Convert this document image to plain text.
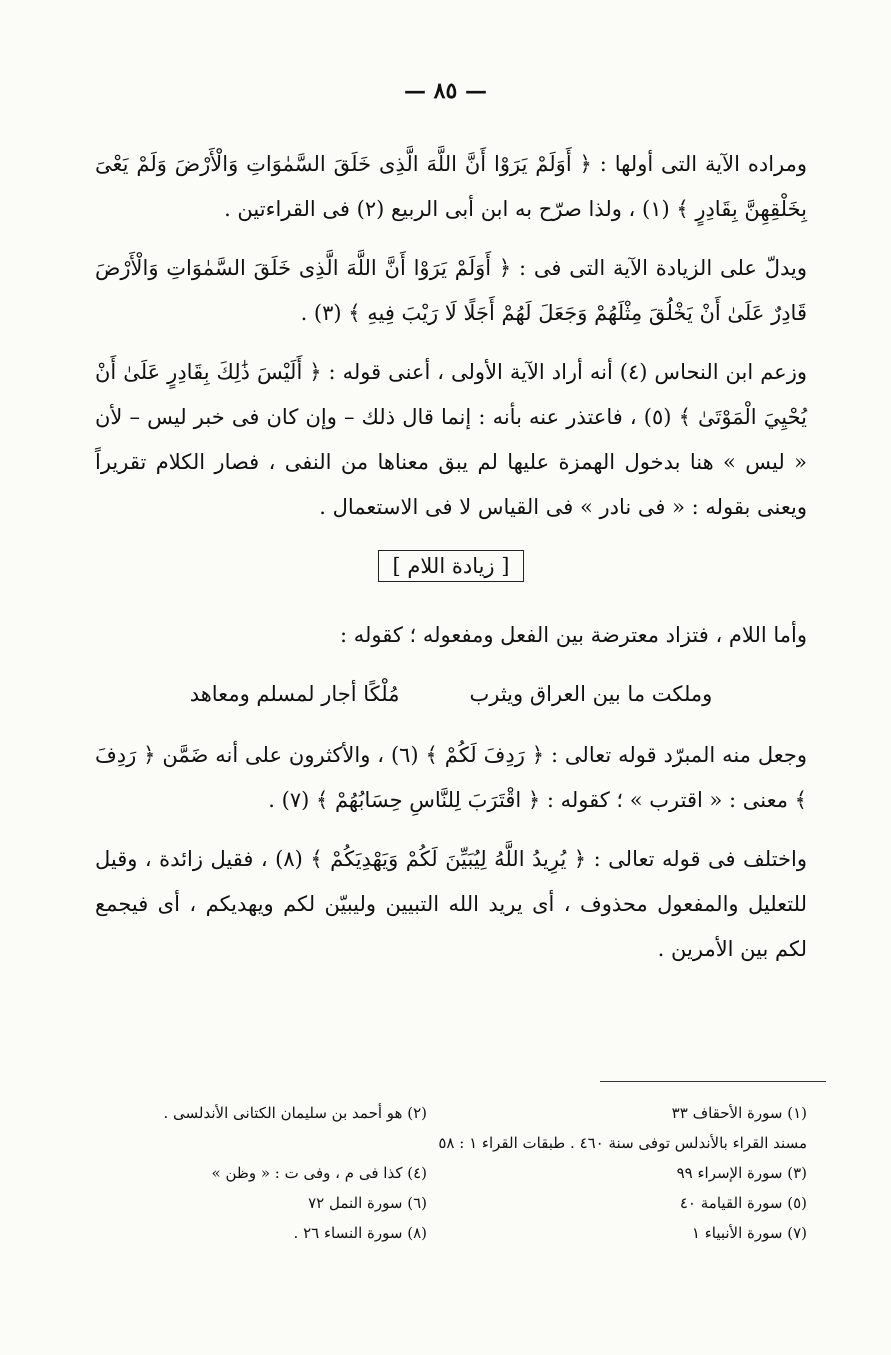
— ٨٥ —

ومراده الآية التى أولها : ﴿ أَوَلَمْ يَرَوْا أَنَّ اللَّهَ الَّذِى خَلَقَ السَّمٰوَاتِ وَالْأَرْضَ وَلَمْ يَعْىَ بِخَلْقِهِنَّ بِقَادِرٍ ﴾ (١) ، ولذا صرّح به ابن أبى الربيع (٢) فى القراءتين .

ويدلّ على الزيادة الآية التى فى : ﴿ أَوَلَمْ يَرَوْا أَنَّ اللَّهَ الَّذِى خَلَقَ السَّمٰوَاتِ وَالْأَرْضَ قَادِرٌ عَلَىٰ أَنْ يَخْلُقَ مِثْلَهُمْ وَجَعَلَ لَهُمْ أَجَلًا لَا رَيْبَ فِيهِ ﴾ (٣) .

وزعم ابن النحاس (٤) أنه أراد الآية الأولى ، أعنى قوله : ﴿ أَلَيْسَ ذَٰلِكَ بِقَادِرٍ عَلَىٰ أَنْ يُحْيِيَ الْمَوْتَىٰ ﴾ (٥) ، فاعتذر عنه بأنه : إنما قال ذلك – وإن كان فى خبر ليس – لأن « ليس » هنا بدخول الهمزة عليها لم يبق معناها من النفى ، فصار الكلام تقريراً ويعنى بقوله : « فى نادر » فى القياس لا فى الاستعمال .

[ زيادة اللام ]

وأما اللام ، فتزاد معترضة بين الفعل ومفعوله ؛ كقوله :

وملكت ما بين العراق ويثرب
مُلْكًا أجار لمسلم ومعاهد

وجعل منه المبرّد قوله تعالى : ﴿ رَدِفَ لَكُمْ ﴾ (٦) ، والأكثرون على أنه ضَمَّن ﴿ رَدِفَ ﴾ معنى : « اقترب » ؛ كقوله : ﴿ اقْتَرَبَ لِلنَّاسِ حِسَابُهُمْ ﴾ (٧) .

واختلف فى قوله تعالى : ﴿ يُرِيدُ اللَّهُ لِيُبَيِّنَ لَكُمْ وَيَهْدِيَكُمْ ﴾ (٨) ، فقيل زائدة ، وقيل للتعليل والمفعول محذوف ، أى يريد الله التبيين وليبيّن لكم ويهديكم ، أى فيجمع لكم بين الأمرين .

(١) سورة الأحقاف ٣٣
(٢) هو أحمد بن سليمان الكتانى الأندلسى .
مسند القراء بالأندلس توفى سنة ٤٦٠ . طبقات القراء ١ : ٥٨
(٣) سورة الإسراء ٩٩
(٤) كذا فى م ، وفى ت : « وظن »
(٥) سورة القيامة ٤٠
(٦) سورة النمل ٧٢
(٧) سورة الأنبياء ١
(٨) سورة النساء ٢٦ .
